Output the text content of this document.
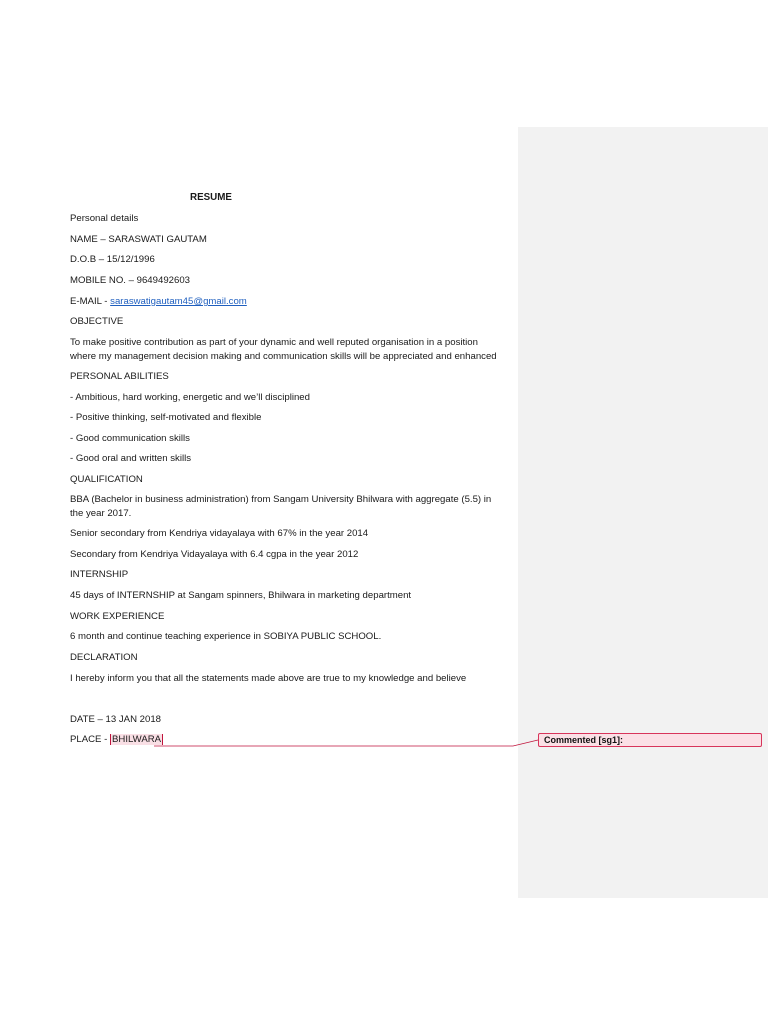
RESUME
Personal details
NAME – SARASWATI GAUTAM
D.O.B – 15/12/1996
MOBILE NO. – 9649492603
E-MAIL - saraswatigautam45@gmail.com
OBJECTIVE
To make positive contribution as part of your dynamic and well reputed organisation in a position
where my management decision making and communication skills will be appreciated and enhanced
PERSONAL ABILITIES
- Ambitious, hard working, energetic and we’ll disciplined
- Positive thinking, self-motivated and flexible
- Good communication skills
- Good oral and written skills
QUALIFICATION
BBA (Bachelor in business administration) from Sangam University Bhilwara with aggregate (5.5) in
the year 2017.
Senior secondary from Kendriya vidayalaya with 67% in the year 2014
Secondary from Kendriya Vidayalaya with 6.4 cgpa in the year 2012
INTERNSHIP
45 days of INTERNSHIP at Sangam spinners, Bhilwara in marketing department
WORK EXPERIENCE
6 month and continue teaching experience in SOBIYA PUBLIC SCHOOL.
DECLARATION
I hereby inform you that all the statements made above are true to my knowledge and believe
DATE – 13 JAN 2018
PLACE - BHILWARA	Commented [sg1]:
